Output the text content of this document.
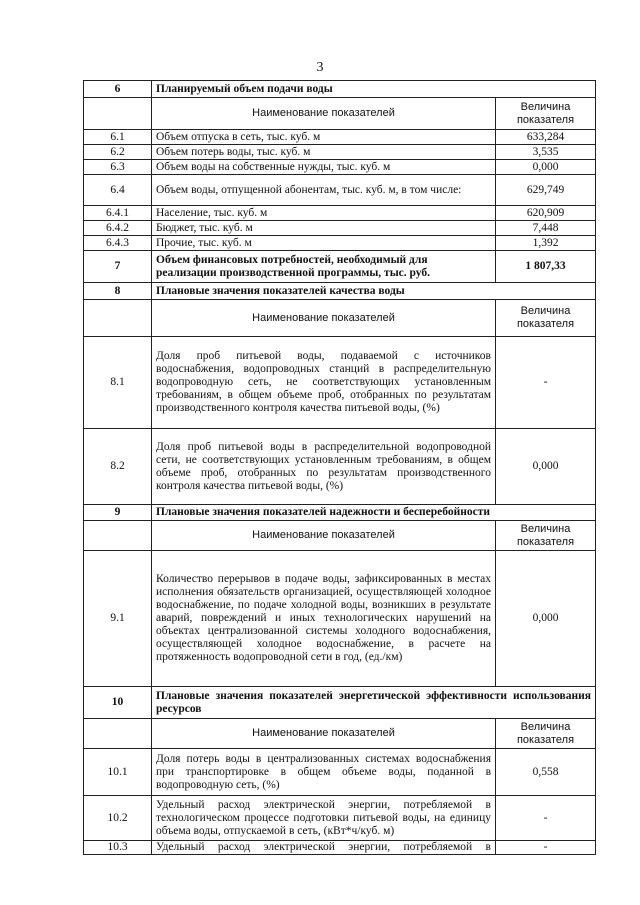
3
6	Планируемый объем подачи воды	
	Наименование показателей	Величина показателя
6.1	Объем отпуска в сеть, тыс. куб. м	633,284
6.2	Объем потерь воды, тыс. куб. м	3,535
6.3	Объем воды на собственные нужды, тыс. куб. м	0,000
6.4	Объем воды, отпущенной абонентам, тыс. куб. м, в том числе:	629,749
6.4.1	Население, тыс. куб. м	620,909
6.4.2	Бюджет, тыс. куб. м	7,448
6.4.3	Прочие, тыс. куб. м	1,392
7	Объем финансовых потребностей, необходимый для реализации производственной программы, тыс. руб.	1 807,33
8	Плановые значения показателей качества воды	
	Наименование показателей	Величина показателя
8.1	Доля проб питьевой воды, подаваемой с источников водоснабжения, водопроводных станций в распределительную водопроводную сеть, не соответствующих установленным требованиям, в общем объеме проб, отобранных по результатам производственного контроля качества питьевой воды, (%)	-
8.2	Доля проб питьевой воды в распределительной водопроводной сети, не соответствующих установленным требованиям, в общем объеме проб, отобранных по результатам производственного контроля качества питьевой воды, (%)	0,000
9	Плановые значения показателей надежности и бесперебойности	
	Наименование показателей	Величина показателя
9.1	Количество перерывов в подаче воды, зафиксированных в местах исполнения обязательств организацией, осуществляющей холодное водоснабжение, по подаче холодной воды, возникших в результате аварий, повреждений и иных технологических нарушений на объектах централизованной системы холодного водоснабжения, осуществляющей холодное водоснабжение, в расчете на протяженность водопроводной сети в год, (ед./км)	0,000
10	Плановые значения показателей энергетической эффективности использования ресурсов	
	Наименование показателей	Величина показателя
10.1	Доля потерь воды в централизованных системах водоснабжения при транспортировке в общем объеме воды, поданной в водопроводную сеть, (%)	0,558
10.2	Удельный расход электрической энергии, потребляемой в технологическом процессе подготовки питьевой воды, на единицу объема воды, отпускаемой в сеть, (кВт*ч/куб. м)	-
10.3	Удельный расход электрической энергии, потребляемой в	-
